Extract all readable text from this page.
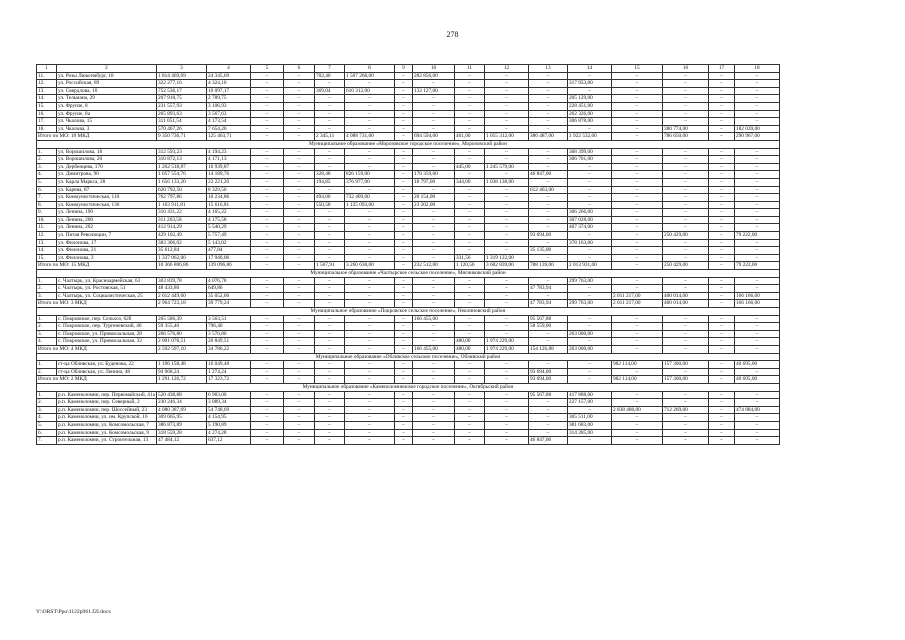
278
1	2	3	4	5	6	7	8	9	10	11	12	13	14	15	16	17	18
11.	ул. Розы Люксембург, 10	1 814 469,69	24 345,69	–	–	702,40	1 507 268,00	–	282 856,00	–	–	–	–	–	–	–	–
12.	ул. Российская, 89	322 277,16	4 324,16	–	–	–	–	–	–	–	–	–	317 953,00	–	–	–	–
13.	ул. Свердлова, 10	752 536,17	10 097,17	–	–	369,04	610 312,00	–	132 127,00	–	–	–	–	–	–	–	–
14.	ул. Тельмана, 29	207 918,75	2 789,75	–	–	–	–	–	–	–	–	–	205 129,00	–	–	–	–
15.	ул. Фрунзе, 8	231 557,93	3 106,93	–	–	–	–	–	–	–	–	–	228 451,00	–	–	–	–
16.	ул. Фрунзе, 8а	265 893,63	3 567,63	–	–	–	–	–	–	–	–	–	262 326,00	–	–	–	–
17.	ул. Чкалова, 15	311 051,54	4 173,54	–	–	–	–	–	–	–	–	–	306 878,00	–	–	–	–
18.	ул. Чкалова, 3	570 467,26	7 654,26	–	–	–	–	–	–	–	–	–	–	–	380 774,00	–	182 039,00
Итого по МО: 18 МКД		9 350 736,71	125 463,71	–	–	2 345,11	4 088 731,00	–	694 594,00	461,00	1 055 312,00	386 487,00	1 922 532,00	–	786 650,00	–	290 967,00
Муниципальное образование «Морозовское городское поселение», Морозовский район																	
1.	ул. Ворошилова, 18	312 593,23	4 194,23	–	–	–	–	–	–	–	–	–	308 399,00	–	–	–	–
2.	ул. Ворошилова, 20	310 872,13	4 171,13	–	–	–	–	–	–	–	–	–	306 701,00	–	–	–	–
3.	ул. Дербенцева, 170	1 262 518,87	16 939,87	–	–	–	–	–	–	445,00	1 245 579,00	–	–	–	–	–	–
4.	ул. Димитрова, 90	1 057 554,76	14 189,76	–	–	328,48	826 159,00	–	170 359,00	–	–	46 847,00	–	–	–	–	–
5.	ул. Карла Маркса, 28	1 656 133,20	22 221,20	–	–	194,85	376 977,00	–	18 797,00	344,00	1 038 138,00	–	–	–	–	–	–
6.	ул. Карева, 87	620 792,50	8 329,50	–	–	–	–	–	–	–	–	612 463,00	–	–	–	–	–
7.	ул. Коммунистическая, 110	762 797,86	10 234,86	–	–	494,00	732 409,00	–	20 154,00	–	–	–	–	–	–	–	–
8.	ул. Коммунистическая, 130	1 163 911,81	15 616,81	–	–	550,58	1 125 093,00	–	23 202,00	–	–	–	–	–	–	–	–
9.	ул. Ленина, 190	310 431,22	4 165,22	–	–	–	–	–	–	–	–	–	306 266,00	–	–	–	–
10.	ул. Ленина, 200	311 203,58	4 175,58	–	–	–	–	–	–	–	–	–	307 028,00	–	–	–	–
11.	ул. Ленина, 202	412 914,29	5 540,29	–	–	–	–	–	–	–	–	–	407 374,00	–	–	–	–
12.	ул. Пятая Революции, 7	429 102,49	5 757,49	–	–	–	–	–	–	–	–	93 694,00	–	–	250 429,00	–	79 222,00
13.	ул. Филонова, 17	383 306,02	5 143,02	–	–	–	–	–	–	–	–	–	378 163,00	–	–	–	–
14.	ул. Филонова, 21	35 612,84	477,84	–	–	–	–	–	–	–	–	35 135,00	–	–	–	–	–
15.	ул. Филонова, 3	1 337 062,06	17 940,06	–	–	–	–	–	–	331,56	1 319 122,00	–	–	–	–	–	–
Итого по МО: 15 МКД		10 366 806,86	139 096,86	–	–	1 567,91	3 260 638,00	–	232 512,00	1 120,56	3 602 839,00	788 139,00	2 013 931,00	–	250 429,00	–	79 222,00
Муниципальное образование «Чалтырское сельское поселение», Мясниковский район																	
1.	с. Чалтырь, ул. Красноармейская, 63	303 839,78	4 076,78	–	–	–	–	–	–	–	–	–	299 763,00	–	–	–	–
2.	с. Чалтырь, ул. Ростовская, 51	48 433,80	649,86	–	–	–	–	–	–	–	–	47 783,94	–	–	–	–	–
3.	с. Чалтырь, ул. Социалистическая, 25	2 612 449,60	35 052,60	–	–	–	–	–	–	–	–	–	–	2 011 217,00	400 014,00	–	166 166,00
Итого по МО: 3 МКД		2 964 723,18	39 779,24	–	–	–	–	–	–	–	–	47 783,94	299 763,00	2 011 217,00	400 014,00	–	166 166,00
Муниципальное образование «Покровское сельское поселение», Неклиновский район																	
1.	с. Покровское, пер. Сельхоз, 62б	265 586,39	3 563,51	–	–	–	–	–	166 455,00	–	–	95 567,88	–	–	–	–	–
2.	с. Покровское, пер. Тургеневский, 46	59 355,40	796,40	–	–	–	–	–	–	–	–	58 559,00	–	–	–	–	–
3.	с. Покровское, ул. Привокзальная, 28	266 576,80	3 576,80	–	–	–	–	–	–	–	–	–	263 000,00	–	–	–	–
4.	с. Покровское, ул. Привокзальная, 32	2 001 078,51	26 849,51	–	–	–	–	–	–	480,00	1 974 229,00	–	–	–	–	–	–
Итого по МО: 4 МКД		2 592 597,10	34 786,22	–	–	–	–	–	166 455,00	480,00	1 974 229,00	154 126,88	263 000,00	–	–	–	–
Муниципальное образование «Обливское сельское поселение», Обливский район																	
1.	ст-ца Обливская, ул. Буденова, 22	1 196 158,48	16 049,48	–	–	–	–	–	–	–	–	–	–	982 114,00	157 300,00	–	40 695,00
2.	ст-ца Обливская, ул. Ленина, 48	94 968,24	1 274,24	–	–	–	–	–	–	–	–	93 694,00	–	–	–	–	–
Итого по МО: 2 МКД		1 291 126,72	17 323,72	–	–	–	–	–	–	–	–	93 694,00	–	982 114,00	157 300,00	–	40 695,00
Муниципальное образование «Каменоломненское городское поселение», Октябрьский район																	
1.	р.п. Каменоломни, пер. Первомайский, 41а	520 438,88	6 983,00	–	–	–	–	–	–	–	–	95 567,88	417 888,00	–	–	–	–
2.	р.п. Каменоломни, пер. Северный, 2	230 246,34	3 089,34	–	–	–	–	–	–	–	–	–	227 157,00	–	–	–	–
3.	р.п. Каменоломни, пер. Шоссейный, 23	4 080 387,69	54 748,69	–	–	–	–	–	–	–	–	–	–	2 838 486,00	712 269,00	–	474 884,00
4.	р.п. Каменоломни, ул. им. Крупской, 16	309 665,95	4 154,95	–	–	–	–	–	–	–	–	–	305 511,00	–	–	–	–
5.	р.п. Каменоломни, ул. Комсомольская, 7	386 873,89	5 190,89	–	–	–	–	–	–	–	–	–	381 683,00	–	–	–	–
6.	р.п. Каменоломни, ул. Комсомольская, 9	318 559,28	4 274,28	–	–	–	–	–	–	–	–	–	314 285,00	–	–	–	–
7.	р.п. Каменоломни, ул. Строительная, 13	47 484,12	637,12	–	–	–	–	–	–	–	–	46 847,00	–	–	–	–	–
Y:\ORST\Ppo\1122p961.f2I.docx
